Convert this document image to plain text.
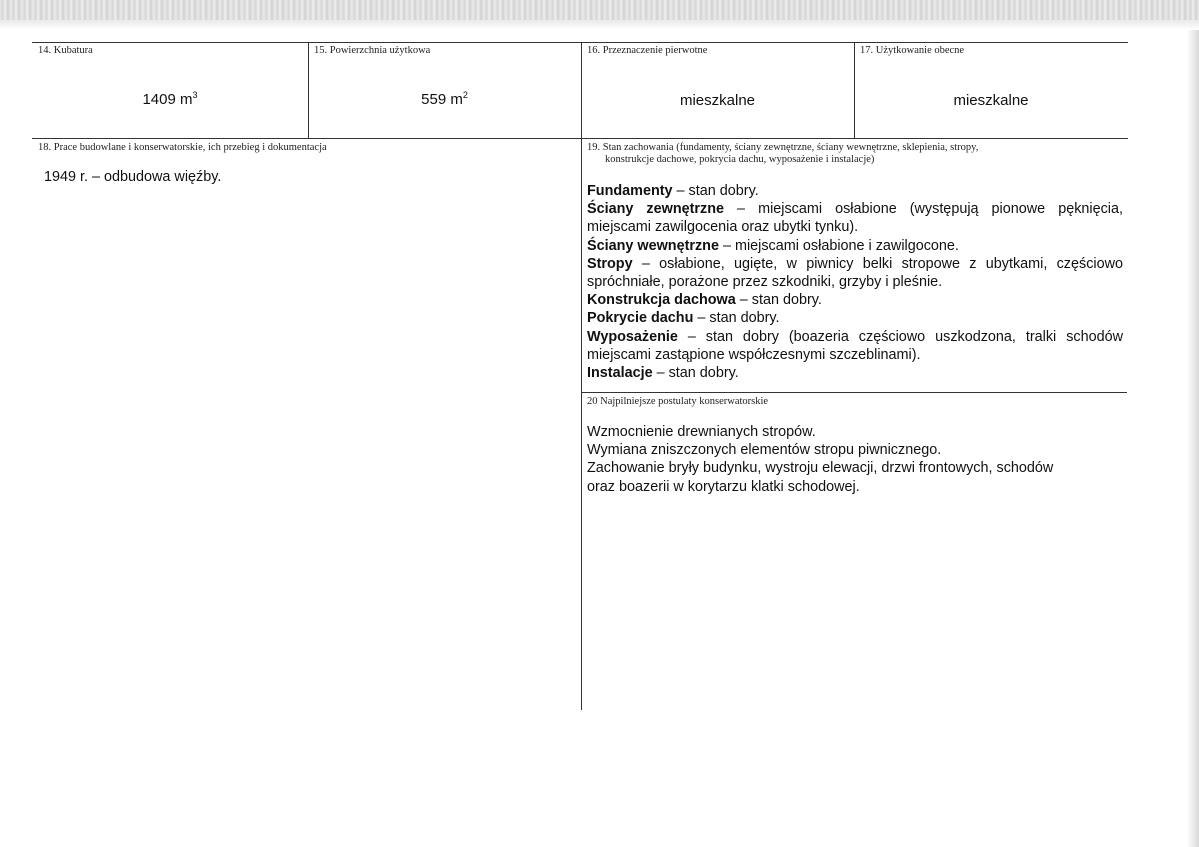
14. Kubatura
1409 $m^3$
15. Powierzchnia użytkowa
559 $m^2$
16. Przeznaczenie pierwotne
mieszkalne
17. Użytkowanie obecne
mieszkalne
18. Prace budowlane i konserwatorskie, ich przebieg i dokumentacja
1949 r. – odbudowa więźby.
19. Stan zachowania (fundamenty, ściany zewnętrzne, ściany wewnętrzne, sklepienia, stropy,
konstrukcje dachowe, pokrycia dachu, wyposażenie i instalacje)

Fundamenty – stan dobry.

Ściany zewnętrzne – miejscami osłabione (występują pionowe pęknięcia, miejscami zawilgocenia oraz ubytki tynku).

Ściany wewnętrzne – miejscami osłabione i zawilgocone.

Stropy – osłabione, ugięte, w piwnicy belki stropowe z ubytkami, częściowo spróchniałe, porażone przez szkodniki, grzyby i pleśnie.

Konstrukcja dachowa – stan dobry.

Pokrycie dachu – stan dobry.

Wyposażenie – stan dobry (boazeria częściowo uszkodzona, tralki schodów miejscami zastąpione współczesnymi szczeblinami).

Instalacje – stan dobry.

20 Najpilniejsze postulaty konserwatorskie

Wzmocnienie drewnianych stropów.

Wymiana zniszczonych elementów stropu piwnicznego.

Zachowanie bryły budynku, wystroju elewacji, drzwi frontowych, schodów

oraz boazerii w korytarzu klatki schodowej.
